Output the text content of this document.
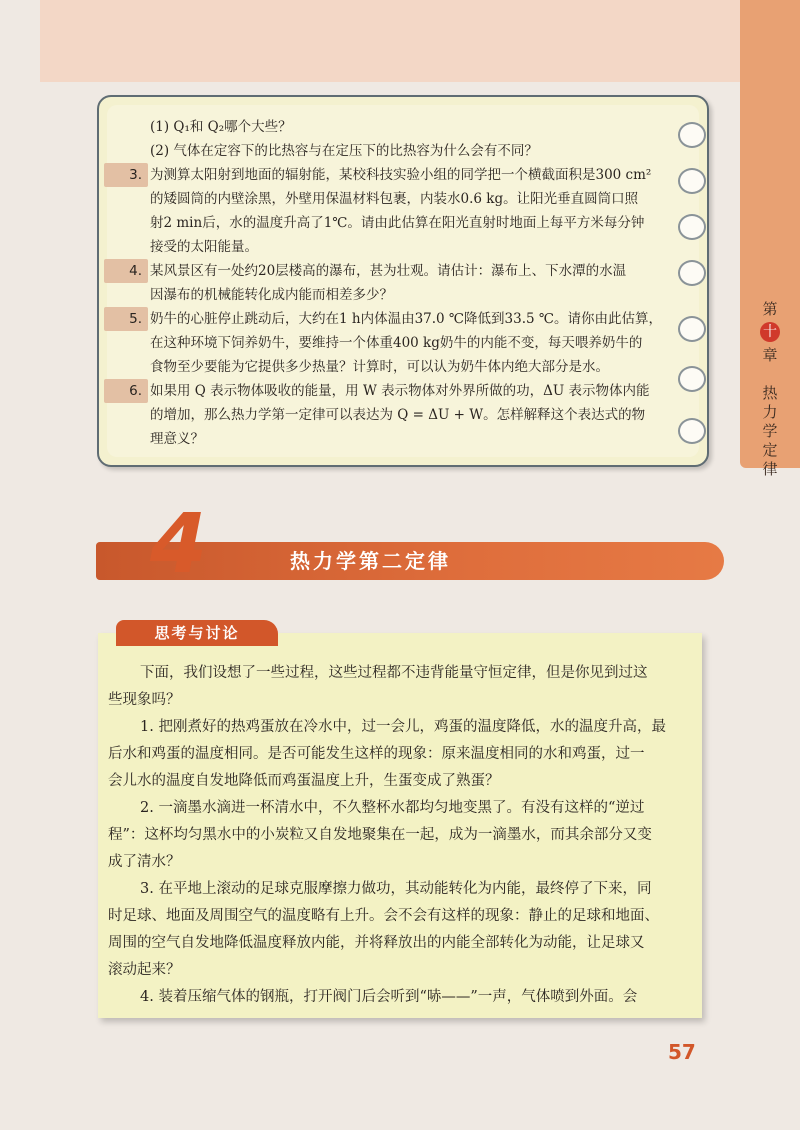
第
十
章
热
力
学
定
律
3.
4.
5.
6.
(1) Q₁和 Q₂哪个大些？
(2) 气体在定容下的比热容与在定压下的比热容为什么会有不同？
为测算太阳射到地面的辐射能，某校科技实验小组的同学把一个横截面积是300 cm²
的矮圆筒的内壁涂黑，外壁用保温材料包裹，内装水0.6 kg。让阳光垂直圆筒口照
射2 min后，水的温度升高了1℃。请由此估算在阳光直射时地面上每平方米每分钟
接受的太阳能量。
某风景区有一处约20层楼高的瀑布，甚为壮观。请估计：瀑布上、下水潭的水温
因瀑布的机械能转化成内能而相差多少？
奶牛的心脏停止跳动后，大约在1 h内体温由37.0 ℃降低到33.5 ℃。请你由此估算，
在这种环境下饲养奶牛，要维持一个体重400 kg奶牛的内能不变，每天喂养奶牛的
食物至少要能为它提供多少热量？计算时，可以认为奶牛体内绝大部分是水。
如果用 Q 表示物体吸收的能量，用 W 表示物体对外界所做的功，ΔU 表示物体内能
的增加，那么热力学第一定律可以表达为 Q = ΔU + W。怎样解释这个表达式的物
理意义？
4	热力学第二定律
思考与讨论
下面，我们设想了一些过程，这些过程都不违背能量守恒定律，但是你见到过这
些现象吗？
1. 把刚煮好的热鸡蛋放在冷水中，过一会儿，鸡蛋的温度降低，水的温度升高，最
后水和鸡蛋的温度相同。是否可能发生这样的现象：原来温度相同的水和鸡蛋，过一
会儿水的温度自发地降低而鸡蛋温度上升，生蛋变成了熟蛋？
2. 一滴墨水滴进一杯清水中，不久整杯水都均匀地变黑了。有没有这样的“逆过
程”：这杯均匀黑水中的小炭粒又自发地聚集在一起，成为一滴墨水，而其余部分又变
成了清水？
3. 在平地上滚动的足球克服摩擦力做功，其动能转化为内能，最终停了下来，同
时足球、地面及周围空气的温度略有上升。会不会有这样的现象：静止的足球和地面、
周围的空气自发地降低温度释放内能，并将释放出的内能全部转化为动能，让足球又
滚动起来？
4. 装着压缩气体的钢瓶，打开阀门后会听到“哧——”一声，气体喷到外面。会
57
